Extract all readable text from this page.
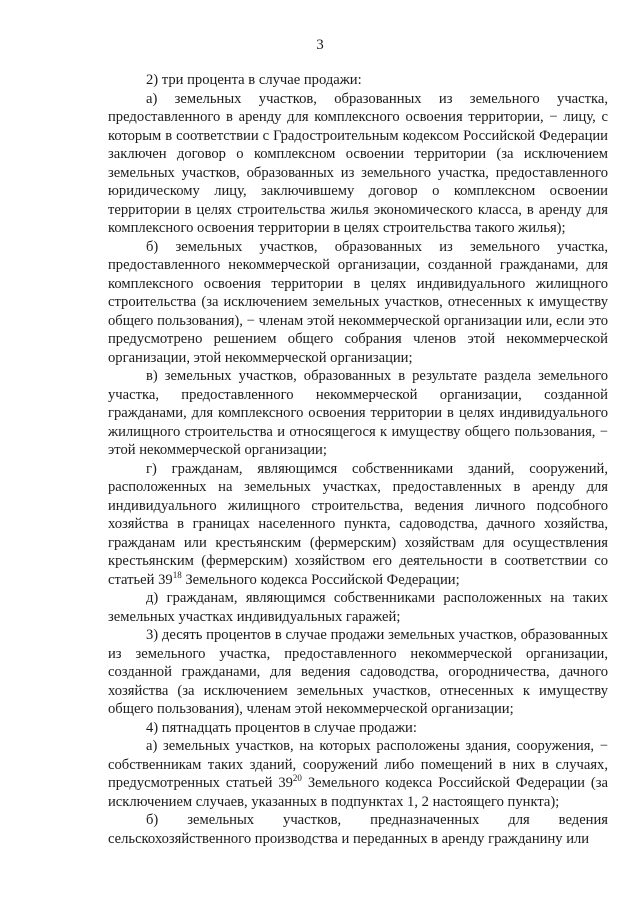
3

2) три процента в случае продажи:

а) земельных участков, образованных из земельного участка, предоставленного в аренду для комплексного освоения территории, − лицу, с которым в соответствии с Градостроительным кодексом Российской Федерации заключен договор о комплексном освоении территории (за исключением земельных участков, образованных из земельного участка, предоставленного юридическому лицу, заключившему договор о комплексном освоении территории в целях строительства жилья экономического класса, в аренду для комплексного освоения территории в целях строительства такого жилья);

б) земельных участков, образованных из земельного участка, предоставленного некоммерческой организации, созданной гражданами, для комплексного освоения территории в целях индивидуального жилищного строительства (за исключением земельных участков, отнесенных к имуществу общего пользования), − членам этой некоммерческой организации или, если это предусмотрено решением общего собрания членов этой некоммерческой организации, этой некоммерческой организации;

в) земельных участков, образованных в результате раздела земельного участка, предоставленного некоммерческой организации, созданной гражданами, для комплексного освоения территории в целях индивидуального жилищного строительства и относящегося к имуществу общего пользования, − этой некоммерческой организации;

г) гражданам, являющимся собственниками зданий, сооружений, расположенных на земельных участках, предоставленных в аренду для индивидуального жилищного строительства, ведения личного подсобного хозяйства в границах населенного пункта, садоводства, дачного хозяйства, гражданам или крестьянским (фермерским) хозяйствам для осуществления крестьянским (фермерским) хозяйством его деятельности в соответствии со статьей $39^{18}$ Земельного кодекса Российской Федерации;

д) гражданам, являющимся собственниками расположенных на таких земельных участках индивидуальных гаражей;

3) десять процентов в случае продажи земельных участков, образованных из земельного участка, предоставленного некоммерческой организации, созданной гражданами, для ведения садоводства, огородничества, дачного хозяйства (за исключением земельных участков, отнесенных к имуществу общего пользования), членам этой некоммерческой организации;

4) пятнадцать процентов в случае продажи:

а) земельных участков, на которых расположены здания, сооружения, − собственникам таких зданий, сооружений либо помещений в них в случаях, предусмотренных статьей $39^{20}$ Земельного кодекса Российской Федерации (за исключением случаев, указанных в подпунктах 1, 2 настоящего пункта);

б) земельных участков, предназначенных для ведения сельскохозяйственного производства и переданных в аренду гражданину или
